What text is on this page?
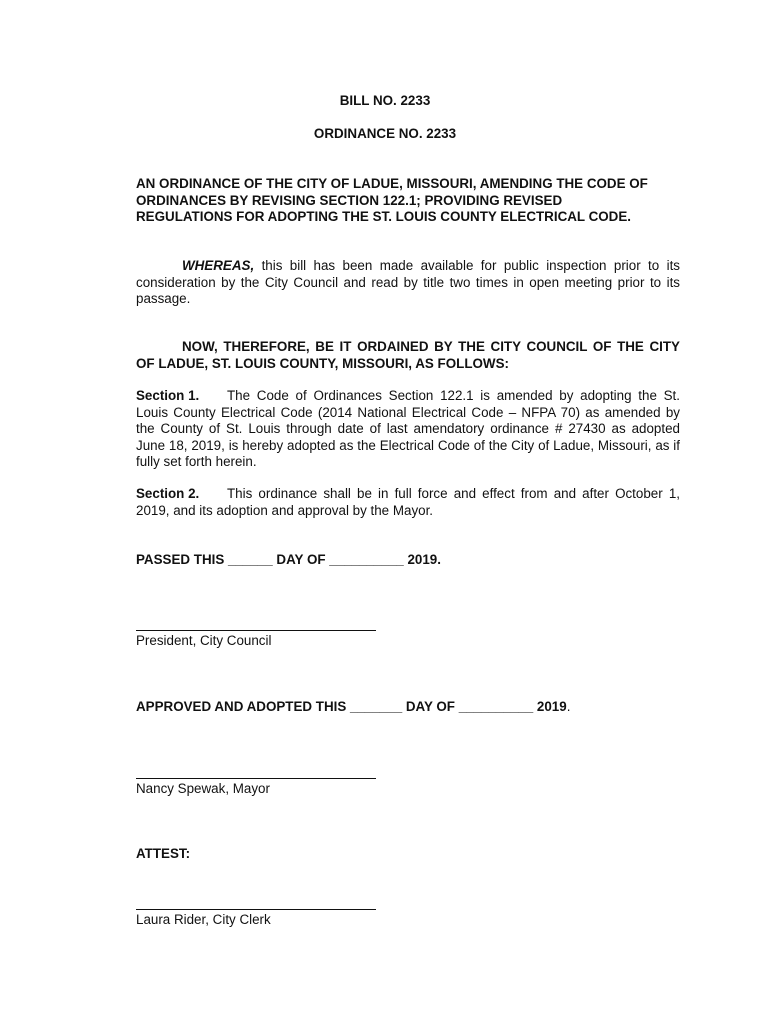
BILL NO. 2233
ORDINANCE NO. 2233
AN ORDINANCE OF THE CITY OF LADUE, MISSOURI, AMENDING THE CODE OF
ORDINANCES BY REVISING SECTION 122.1; PROVIDING REVISED
REGULATIONS FOR ADOPTING THE ST. LOUIS COUNTY ELECTRICAL CODE.
WHEREAS, this bill has been made available for public inspection prior to its consideration by the City Council and read by title two times in open meeting prior to its passage.
NOW, THEREFORE, BE IT ORDAINED BY THE CITY COUNCIL OF THE CITY OF LADUE, ST. LOUIS COUNTY, MISSOURI, AS FOLLOWS:
Section 1. The Code of Ordinances Section 122.1 is amended by adopting the St. Louis County Electrical Code (2014 National Electrical Code – NFPA 70) as amended by the County of St. Louis through date of last amendatory ordinance # 27430 as adopted June 18, 2019, is hereby adopted as the Electrical Code of the City of Ladue, Missouri, as if fully set forth herein.
Section 2. This ordinance shall be in full force and effect from and after October 1, 2019, and its adoption and approval by the Mayor.
PASSED THIS ______ DAY OF __________ 2019.
President, City Council
APPROVED AND ADOPTED THIS _______ DAY OF __________ 2019.
Nancy Spewak, Mayor
ATTEST:
Laura Rider, City Clerk
